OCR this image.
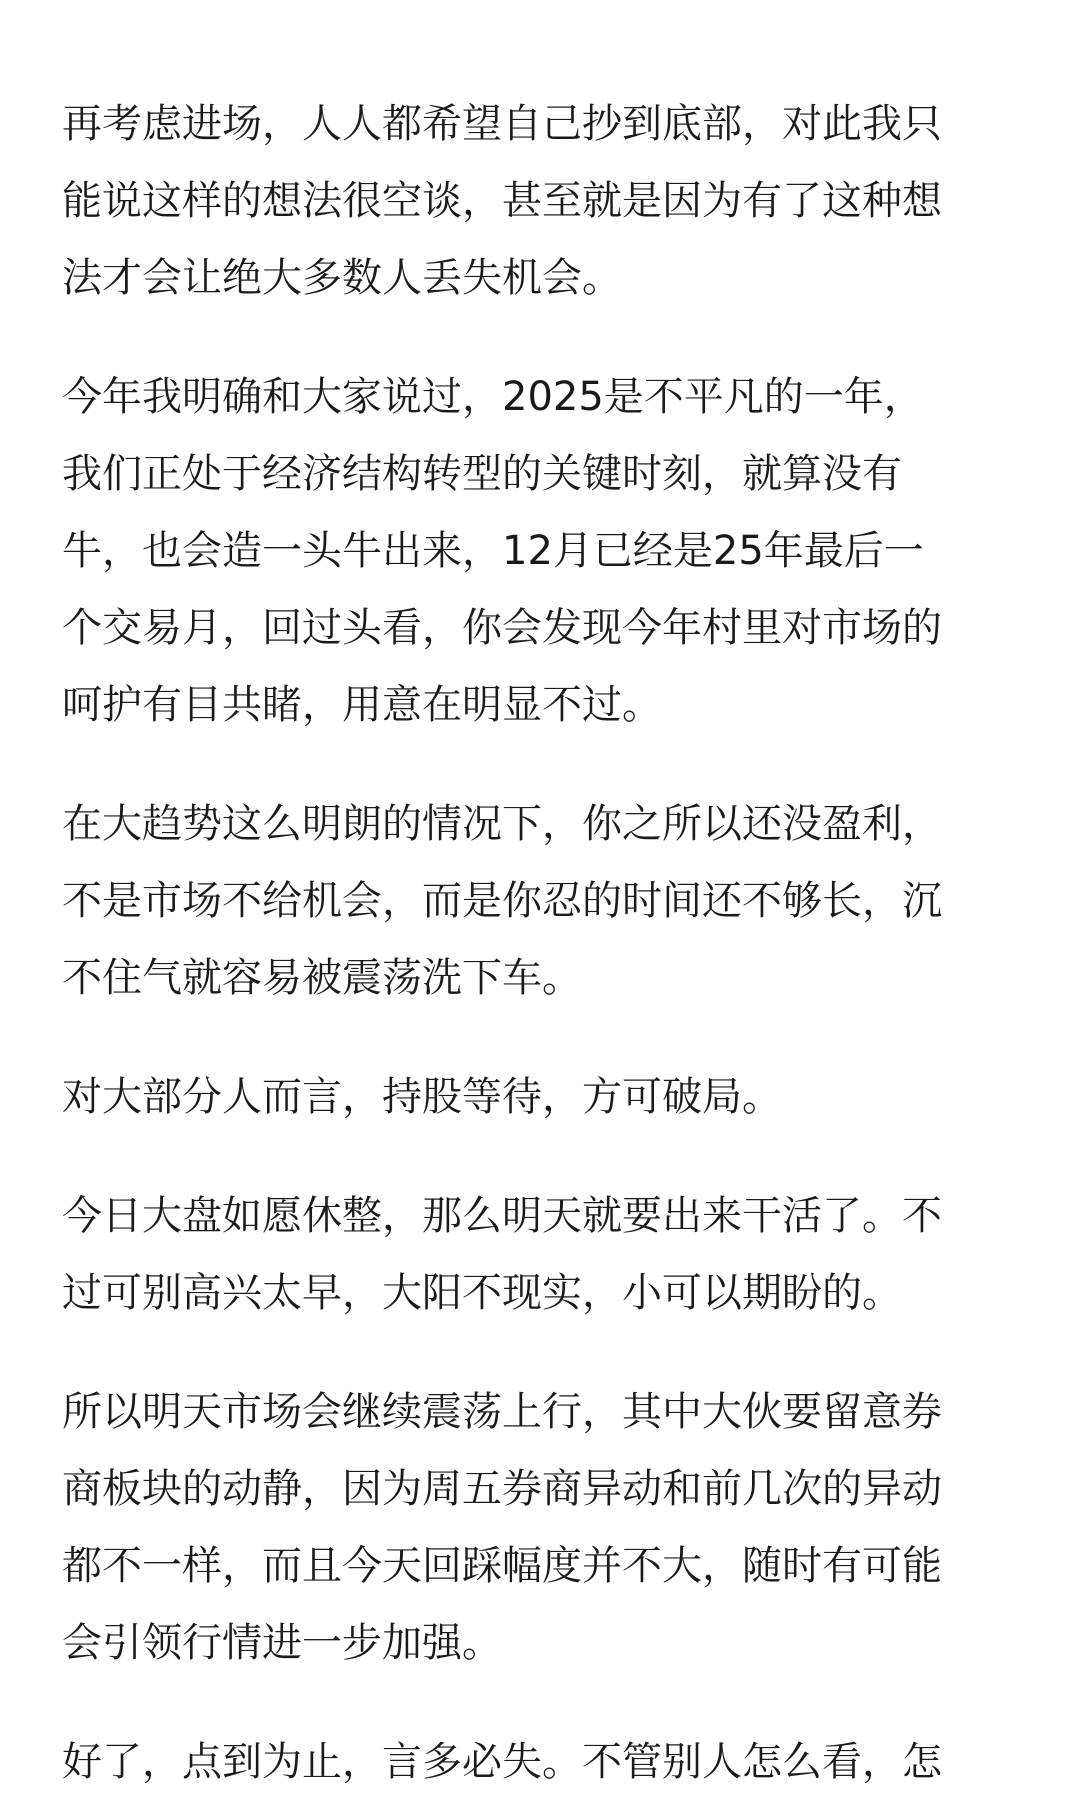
再考虑进场，人人都希望自己抄到底部，对此我只
能说这样的想法很空谈，甚至就是因为有了这种想
法才会让绝大多数人丢失机会。

今年我明确和大家说过，2025是不平凡的一年，
我们正处于经济结构转型的关键时刻，就算没有
牛，也会造一头牛出来，12月已经是25年最后一
个交易月，回过头看，你会发现今年村里对市场的
呵护有目共睹，用意在明显不过。

在大趋势这么明朗的情况下，你之所以还没盈利，
不是市场不给机会，而是你忍的时间还不够长，沉
不住气就容易被震荡洗下车。

对大部分人而言，持股等待，方可破局。

今日大盘如愿休整，那么明天就要出来干活了。不
过可别高兴太早，大阳不现实，小可以期盼的。

所以明天市场会继续震荡上行，其中大伙要留意券
商板块的动静，因为周五券商异动和前几次的异动
都不一样，而且今天回踩幅度并不大，随时有可能
会引领行情进一步加强。

好了，点到为止，言多必失。不管别人怎么看，怎
